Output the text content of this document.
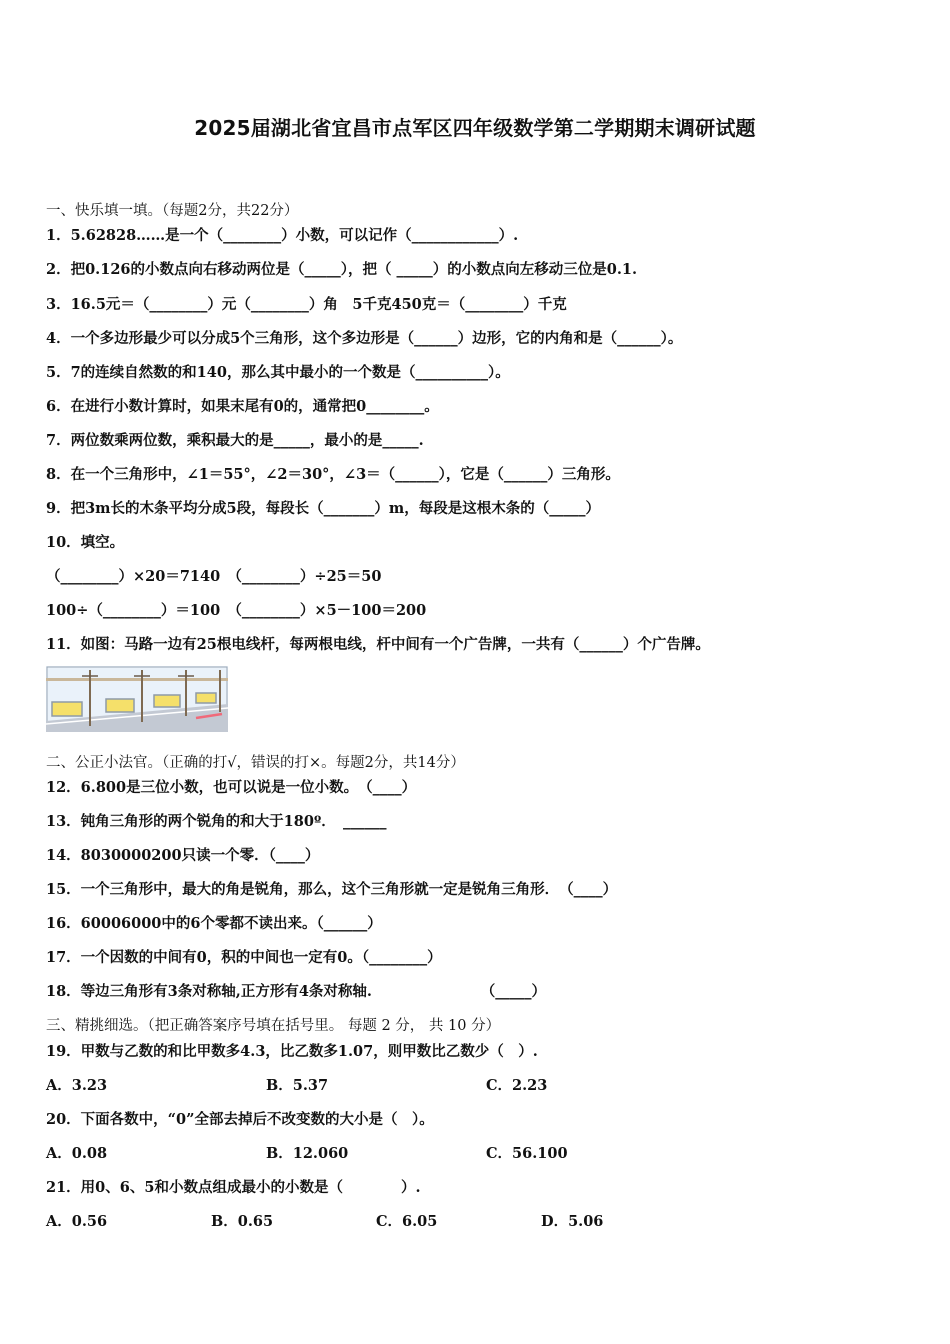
2025届湖北省宜昌市点军区四年级数学第二学期期末调研试题
一、快乐填一填。（每题2分，共22分）
1．5.62828……是一个（________）小数，可以记作（____________）.
2．把0.126的小数点向右移动两位是（_____），把（ _____）的小数点向左移动三位是0.1.
3．16.5元＝（________）元（________）角　5千克450克＝（________）千克
4．一个多边形最少可以分成5个三角形，这个多边形是（______）边形，它的内角和是（______）。
5．7的连续自然数的和140，那么其中最小的一个数是（__________）。
6．在进行小数计算时，如果末尾有0的，通常把0________。
7．两位数乘两位数，乘积最大的是_____，最小的是_____.
8．在一个三角形中，∠1＝55°，∠2＝30°，∠3＝（______），它是（______）三角形。
9．把3m长的木条平均分成5段，每段长（_______）m，每段是这根木条的（_____）
10．填空。
（________）×20＝7140　（________）÷25＝50
100÷（________）＝100　（________）×5－100＝200
11．如图：马路一边有25根电线杆，每两根电线，杆中间有一个广告牌，一共有（______）个广告牌。
二、公正小法官。（正确的打√，错误的打×。每题2分，共14分）
12．6.800是三位小数，也可以说是一位小数。　（____）
13．钝角三角形的两个锐角的和大于180º．　______
14．8030000200只读一个零．（____）
15．一个三角形中，最大的角是锐角，那么，这个三角形就一定是锐角三角形．　（____）
16．60006000中的6个零都不读出来。（______）
17．一个因数的中间有0，积的中间也一定有0。（________）
18．等边三角形有3条对称轴,正方形有4条对称轴.　　　　　　　　（_____）
三、精挑细选。（把正确答案序号填在括号里。 每题 2 分， 共 10 分）
19．甲数与乙数的和比甲数多4.3，比乙数多1.07，则甲数比乙数少（　）.
A．3.23	B．5.37	C．2.23
20．下面各数中，“0”全部去掉后不改变数的大小是（　）。
A．0.08	B．12.060	C．56.100
21．用0、6、5和小数点组成最小的小数是（　　　　）.
A．0.56	B．0.65	C．6.05	D．5.06
